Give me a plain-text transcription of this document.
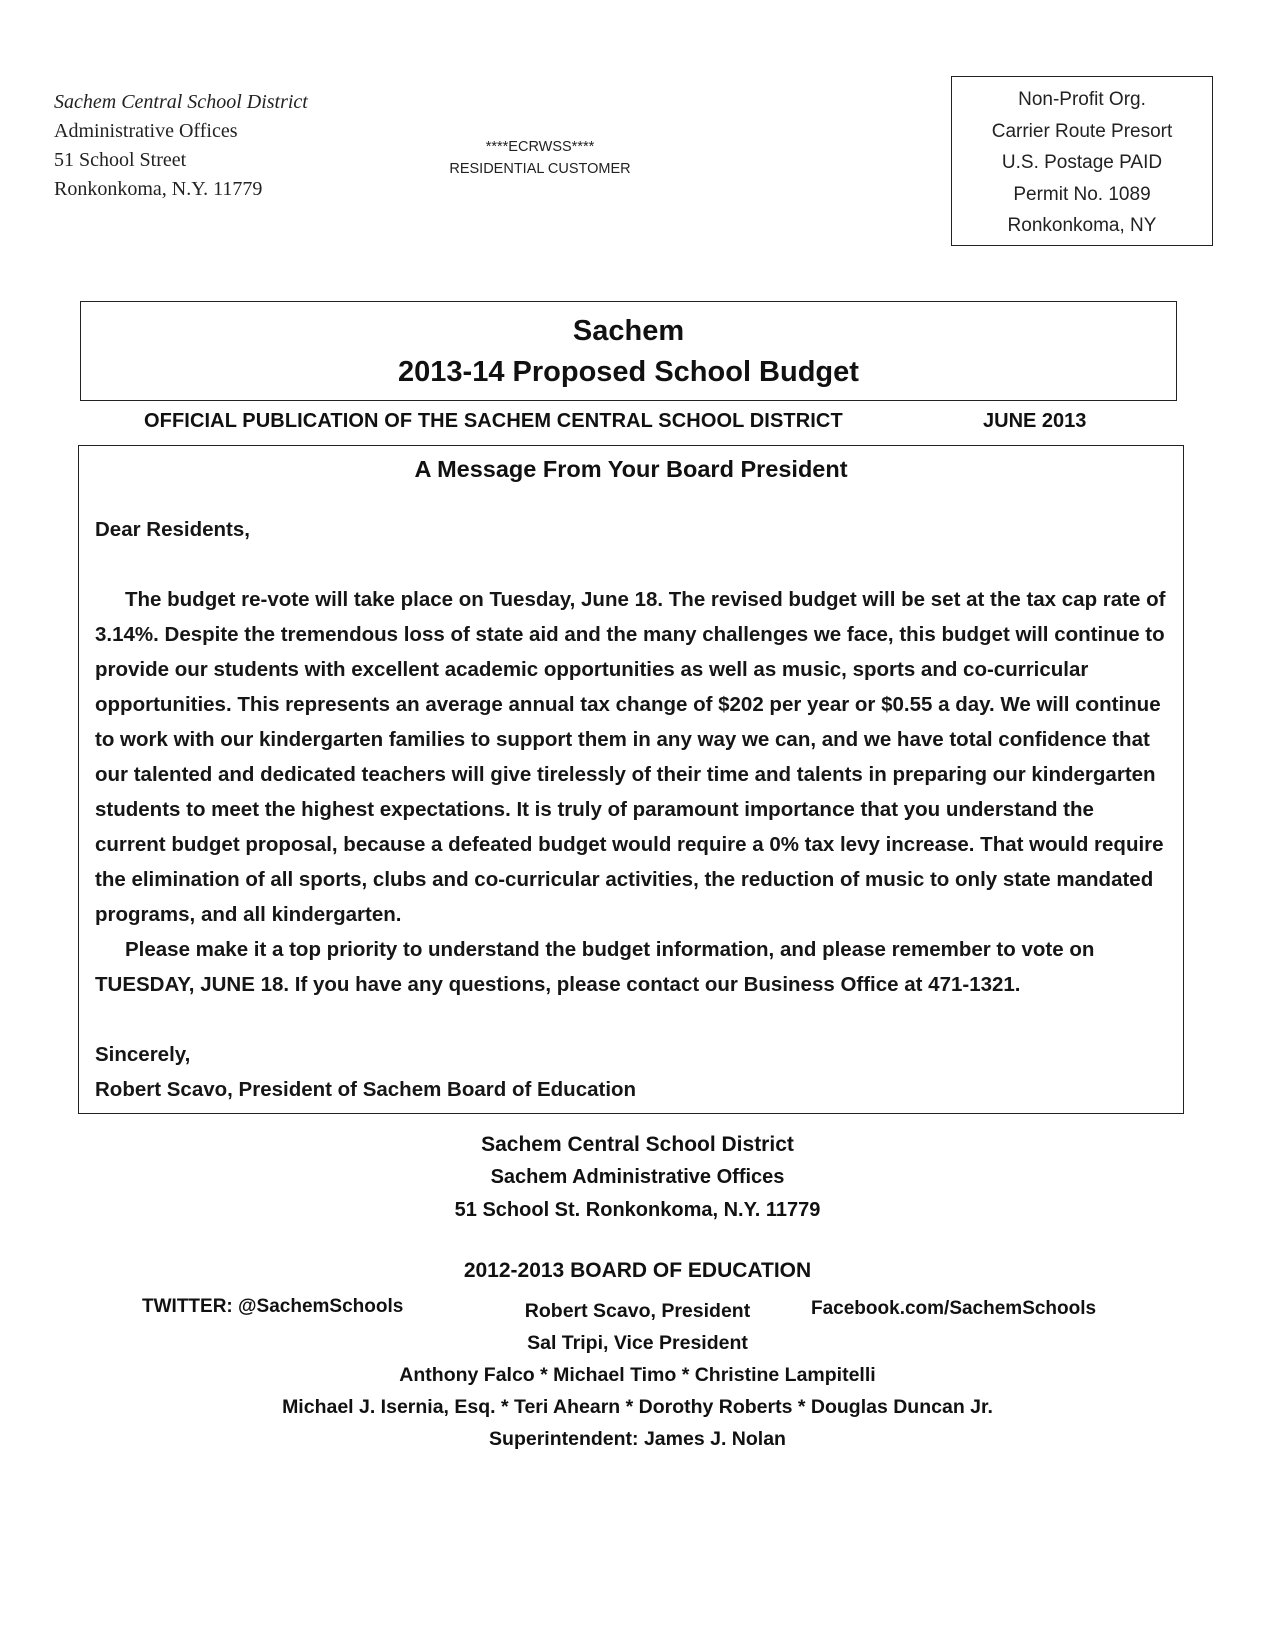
Sachem Central School District
Administrative Offices
51 School Street
Ronkonkoma, N.Y. 11779
****ECRWSS****
RESIDENTIAL CUSTOMER
Non-Profit Org.
Carrier Route Presort
U.S. Postage PAID
Permit No. 1089
Ronkonkoma, NY
Sachem
2013-14 Proposed School Budget
OFFICIAL PUBLICATION OF THE SACHEM CENTRAL SCHOOL DISTRICT	JUNE 2013
A Message From Your Board President

Dear Residents,

The budget re-vote will take place on Tuesday, June 18. The revised budget will be set at the tax cap rate of 3.14%. Despite the tremendous loss of state aid and the many challenges we face, this budget will continue to provide our students with excellent academic opportunities as well as music, sports and co-curricular opportunities. This represents an average annual tax change of $202 per year or $0.55 a day. We will continue to work with our kindergarten families to support them in any way we can, and we have total confidence that our talented and dedicated teachers will give tirelessly of their time and talents in preparing our kindergarten students to meet the highest expectations. It is truly of paramount importance that you understand the current budget proposal, because a defeated budget would require a 0% tax levy increase. That would require the elimination of all sports, clubs and co-curricular activities, the reduction of music to only state mandated programs, and all kindergarten.

Please make it a top priority to understand the budget information, and please remember to vote on TUESDAY, JUNE 18. If you have any questions, please contact our Business Office at 471-1321.

Sincerely,

Robert Scavo, President of Sachem Board of Education

Sachem Central School District
Sachem Administrative Offices
51 School St. Ronkonkoma, N.Y. 11779
2012-2013 BOARD OF EDUCATION
TWITTER: @SachemSchools	Facebook.com/SachemSchools
Robert Scavo, President
Sal Tripi, Vice President
Anthony Falco * Michael Timo * Christine Lampitelli
Michael J. Isernia, Esq. * Teri Ahearn * Dorothy Roberts * Douglas Duncan Jr.
Superintendent: James J. Nolan
